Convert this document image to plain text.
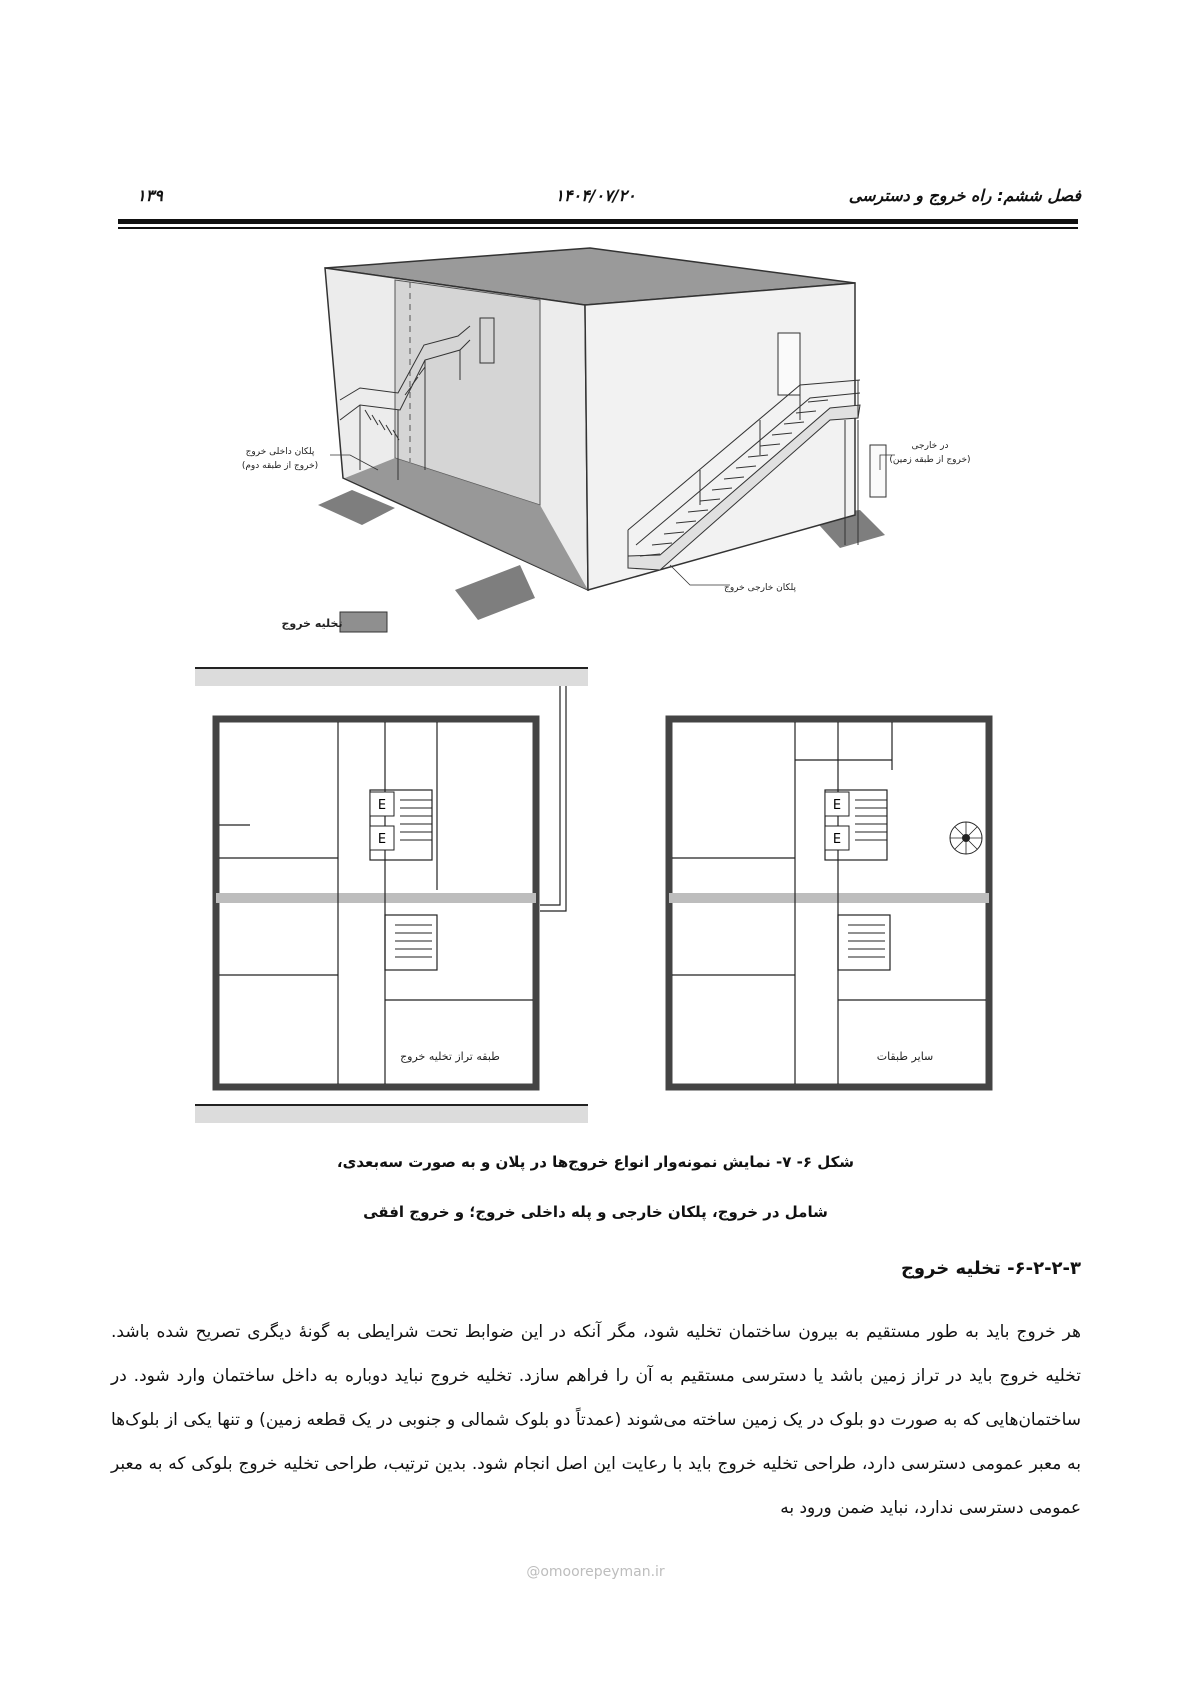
فصل ششم: راه خروج و دسترسی
۱۴۰۴/۰۷/۲۰
۱۳۹
پلکان داخلی خروج
(خروج از طبقه دوم)
در خارجی
(خروج از طبقه زمین)
پلکان خارجی خروج
تخلیه خروج
E
E
طبقه تراز تخلیه خروج
E
E
سایر طبقات
شکل ۶- ۷- نمایش نمونه‌وار انواع خروج‌ها در پلان و به صورت سه‌بعدی،
شامل در خروج، پلکان خارجی و پله داخلی خروج؛ و خروج افقی
۶-۲-۲-۳- تخلیه خروج

هر خروج باید به طور مستقیم به بیرون ساختمان تخلیه شود، مگر آنکه در این ضوابط تحت شرایطی به گونهٔ دیگری تصریح شده باشد. تخلیه خروج باید در تراز زمین باشد یا دسترسی مستقیم به آن را فراهم سازد. تخلیه خروج نباید دوباره به داخل ساختمان وارد شود. در ساختمان‌هایی که به صورت دو بلوک در یک زمین ساخته می‌شوند (عمدتاً دو بلوک شمالی و جنوبی در یک قطعه زمین) و تنها یکی از بلوک‌ها به معبر عمومی دسترسی دارد، طراحی تخلیه خروج باید با رعایت این اصل انجام شود. بدین ترتیب، طراحی تخلیه خروج بلوکی که به معبر عمومی دسترسی ندارد، نباید ضمن ورود به

@omoorepeyman.ir
